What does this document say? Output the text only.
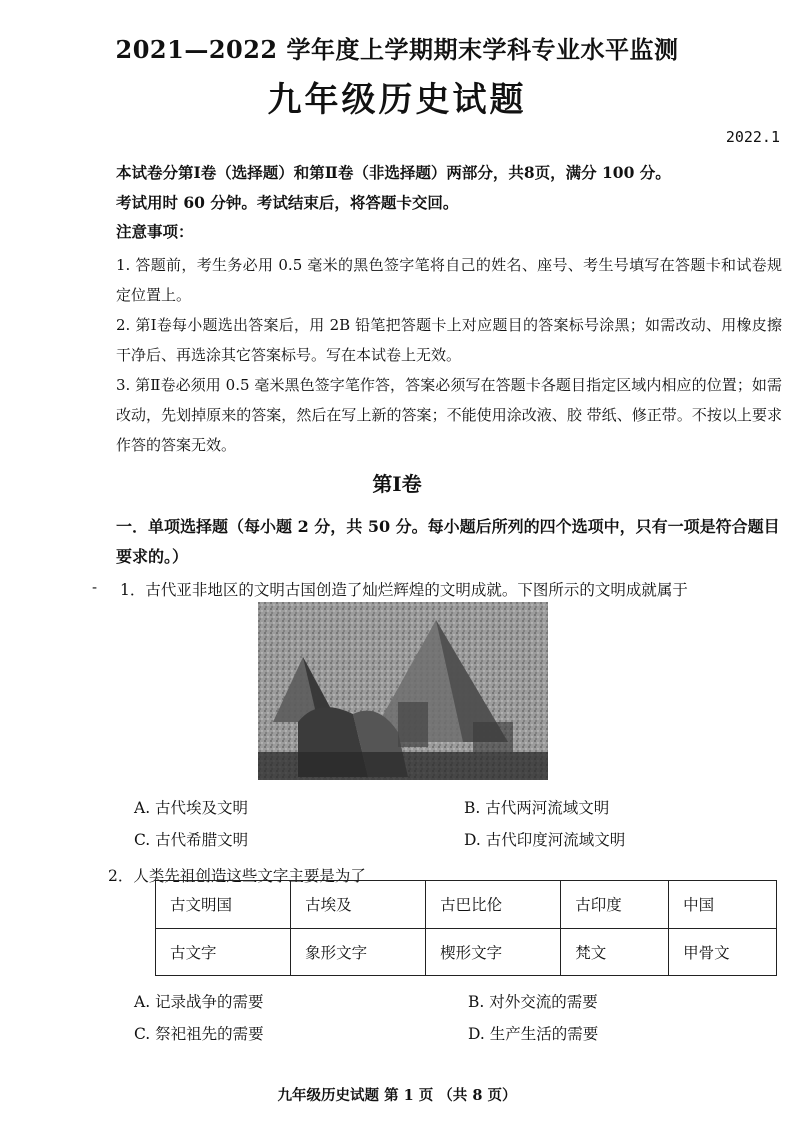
2021—2022 学年度上学期期末学科专业水平监测
九年级历史试题
2022.1
本试卷分第Ⅰ卷（选择题）和第Ⅱ卷（非选择题）两部分，共8页，满分 100 分。
考试用时 60 分钟。考试结束后，将答题卡交回。
注意事项：

1. 答题前，考生务必用 0.5 毫米的黑色签字笔将自己的姓名、座号、考生号填写在答题卡和试卷规定位置上。

2. 第Ⅰ卷每小题选出答案后，用 2B 铅笔把答题卡上对应题目的答案标号涂黑；如需改动、用橡皮擦干净后、再选涂其它答案标号。写在本试卷上无效。

3. 第Ⅱ卷必须用 0.5 毫米黑色签字笔作答，答案必须写在答题卡各题目指定区域内相应的位置；如需改动，先划掉原来的答案，然后在写上新的答案；不能使用涂改液、胶 带纸、修正带。不按以上要求作答的答案无效。

第Ⅰ卷
一．单项选择题（每小题 2 分，共 50 分。每小题后所列的四个选项中，只有一项是符合题目要求的。）
- 1．古代亚非地区的文明古国创造了灿烂辉煌的文明成就。下图所示的文明成就属于
A. 古代埃及文明	B. 古代两河流域文明
C. 古代希腊文明	D. 古代印度河流域文明
2．人类先祖创造这些文字主要是为了
古文明国	古埃及	古巴比伦	古印度	中国
古文字	象形文字	楔形文字	梵文	甲骨文
A. 记录战争的需要	B. 对外交流的需要
C. 祭祀祖先的需要	D. 生产生活的需要
九年级历史试题 第 1 页 （共 8 页）
